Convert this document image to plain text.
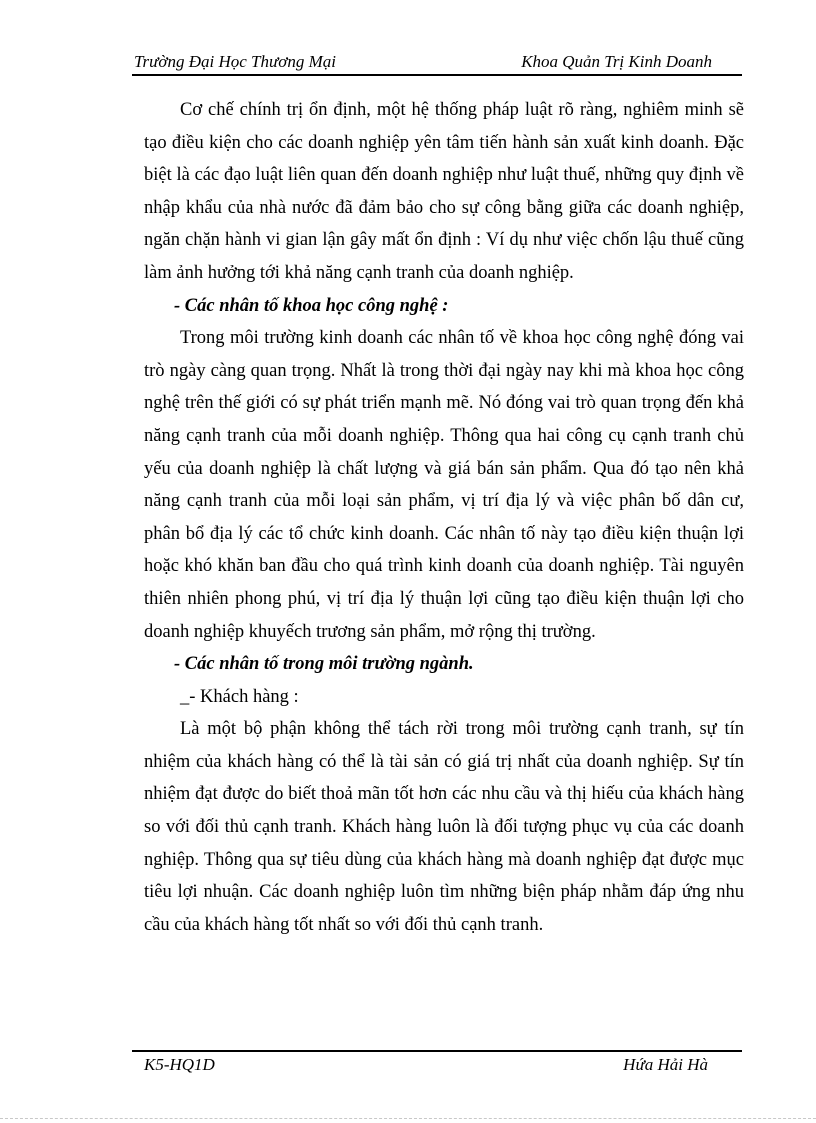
Trường Đại Học Thương Mại	Khoa Quản Trị Kinh Doanh

Cơ chế chính trị ổn định, một hệ thống pháp luật rõ ràng, nghiêm minh sẽ tạo điều kiện cho các doanh nghiệp yên tâm tiến hành sản xuất kinh doanh. Đặc biệt là các đạo luật liên quan đến doanh nghiệp như luật thuế, những quy định về nhập khẩu của nhà nước đã đảm bảo cho sự công bằng giữa các doanh nghiệp, ngăn chặn hành vi gian lận gây mất ổn định : Ví dụ như việc chốn lậu thuế cũng làm ảnh hưởng tới khả năng cạnh tranh của doanh nghiệp.

- Các nhân tố khoa học công nghệ :

Trong môi trường kinh doanh các nhân tố về khoa học công nghệ đóng vai trò ngày càng quan trọng. Nhất là trong thời đại ngày nay khi mà khoa học công nghệ trên thế giới có sự phát triển mạnh mẽ. Nó đóng vai trò quan trọng đến khả năng cạnh tranh của mỗi doanh nghiệp. Thông qua hai công cụ cạnh tranh chủ yếu của doanh nghiệp là chất lượng và giá bán sản phẩm. Qua đó tạo nên khả năng cạnh tranh của mỗi loại sản phẩm, vị trí địa lý và việc phân bố dân cư, phân bổ địa lý các tổ chức kinh doanh. Các nhân tố này tạo điều kiện thuận lợi hoặc khó khăn ban đầu cho quá trình kinh doanh của doanh nghiệp. Tài nguyên thiên nhiên phong phú, vị trí địa lý thuận lợi cũng tạo điều kiện thuận lợi cho doanh nghiệp khuyếch trương sản phẩm, mở rộng thị trường.

- Các nhân tố trong môi trường ngành.

_- Khách hàng :

Là một bộ phận không thể tách rời trong môi trường cạnh tranh, sự tín nhiệm của khách hàng có thể là tài sản có giá trị nhất của doanh nghiệp. Sự tín nhiệm đạt được do biết thoả mãn tốt hơn các nhu cầu và thị hiếu của khách hàng so với đối thủ cạnh tranh. Khách hàng luôn là đối tượng phục vụ của các doanh nghiệp. Thông qua sự tiêu dùng của khách hàng mà doanh nghiệp đạt được mục tiêu lợi nhuận. Các doanh nghiệp luôn tìm những biện pháp nhằm đáp ứng nhu cầu của khách hàng tốt nhất so với đối thủ cạnh tranh.

K5-HQ1D	Hứa Hải Hà
